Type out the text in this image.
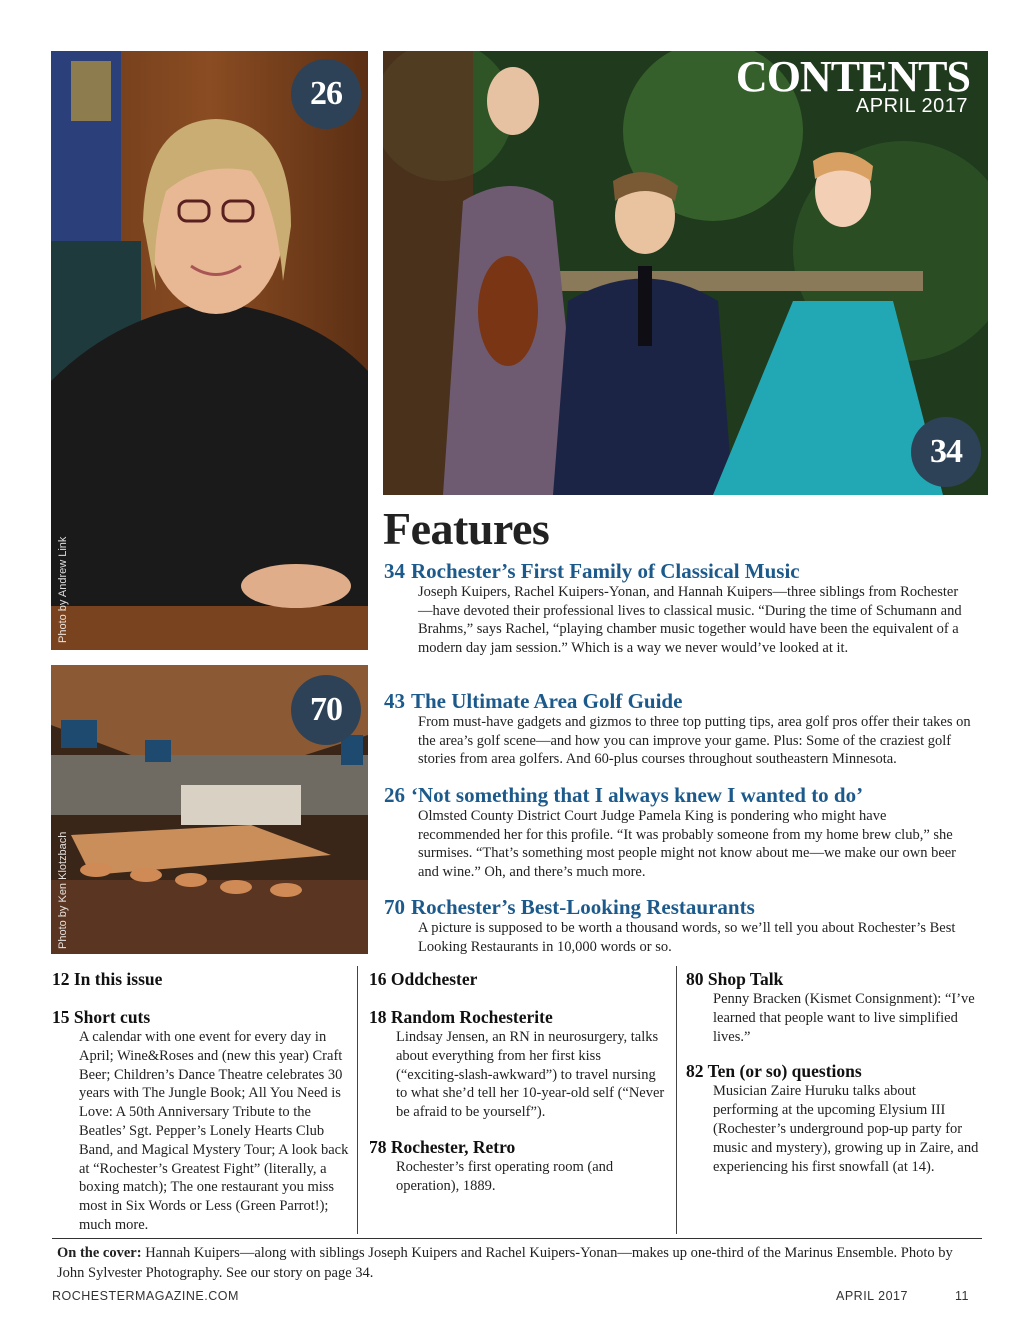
26
Photo by Andrew Link
CONTENTS
APRIL 2017
34
70
Photo by Ken Klotzbach
Features
34 Rochester’s First Family of Classical Music
Joseph Kuipers, Rachel Kuipers-Yonan, and Hannah Kuipers—three siblings from Rochester—have devoted their professional lives to classical music. “During the time of Schumann and Brahms,” says Rachel, “playing chamber music together would have been the equivalent of a modern day jam session.” Which is a way we never would’ve looked at it.
43 The Ultimate Area Golf Guide
From must-have gadgets and gizmos to three top putting tips, area golf pros offer their takes on the area’s golf scene—and how you can improve your game. Plus: Some of the craziest golf stories from area golfers. And 60-plus courses throughout southeastern Minnesota.
26 ‘Not something that I always knew I wanted to do’
Olmsted County District Court Judge Pamela King is pondering who might have recommended her for this profile. “It was probably someone from my home brew club,” she surmises. “That’s something most people might not know about me—we make our own beer and wine.” Oh, and there’s much more.
70 Rochester’s Best-Looking Restaurants
A picture is supposed to be worth a thousand words, so we’ll tell you about Rochester’s Best Looking Restaurants in 10,000 words or so.
12 In this issue
15 Short cuts
A calendar with one event for every day in April; Wine&Roses and (new this year) Craft Beer; Children’s Dance Theatre celebrates 30 years with The Jungle Book; All You Need is Love: A 50th Anniversary Tribute to the Beatles’ Sgt. Pepper’s Lonely Hearts Club Band, and Magical Mystery Tour; A look back at “Rochester’s Greatest Fight” (literally, a boxing match); The one restaurant you miss most in Six Words or Less (Green Parrot!); much more.
16 Oddchester
18 Random Rochesterite
Lindsay Jensen, an RN in neurosurgery, talks about everything from her first kiss (“exciting-slash-awkward”) to travel nursing to what she’d tell her 10-year-old self (“Never be afraid to be yourself”).
78 Rochester, Retro
Rochester’s first operating room (and operation), 1889.
80 Shop Talk
Penny Bracken (Kismet Consignment): “I’ve learned that people want to live simplified lives.”
82 Ten (or so) questions
Musician Zaire Huruku talks about performing at the upcoming Elysium III (Rochester’s underground pop-up party for music and mystery), growing up in Zaire, and experiencing his first snowfall (at 14).
On the cover: Hannah Kuipers—along with siblings Joseph Kuipers and Rachel Kuipers-Yonan—makes up one-third of the Marinus Ensemble. Photo by John Sylvester Photography. See our story on page 34.
ROCHESTERMAGAZINE.COM	APRIL 2017	11
